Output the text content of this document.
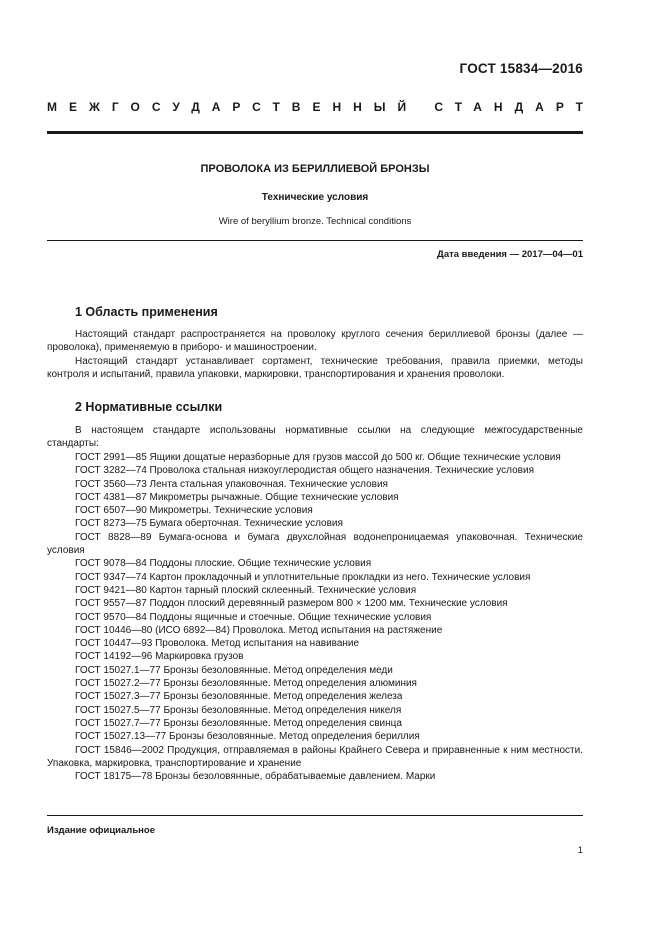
ГОСТ 15834—2016
МЕЖГОСУДАРСТВЕННЫЙ СТАНДАРТ
ПРОВОЛОКА ИЗ БЕРИЛЛИЕВОЙ БРОНЗЫ
Технические условия
Wire of beryllium bronze. Technical conditions
Дата введения — 2017—04—01
1 Область применения

Настоящий стандарт распространяется на проволоку круглого сечения бериллиевой бронзы (далее — проволока), применяемую в приборо- и машиностроении.

Настоящий стандарт устанавливает сортамент, технические требования, правила приемки, методы контроля и испытаний, правила упаковки, маркировки, транспортирования и хранения проволоки.

2 Нормативные ссылки

В настоящем стандарте использованы нормативные ссылки на следующие межгосударственные стандарты:

ГОСТ 2991—85 Ящики дощатые неразборные для грузов массой до 500 кг. Общие технические условия

ГОСТ 3282—74 Проволока стальная низкоуглеродистая общего назначения. Технические условия

ГОСТ 3560—73 Лента стальная упаковочная. Технические условия

ГОСТ 4381—87 Микрометры рычажные. Общие технические условия

ГОСТ 6507—90 Микрометры. Технические условия

ГОСТ 8273—75 Бумага оберточная. Технические условия

ГОСТ 8828—89 Бумага-основа и бумага двухслойная водонепроницаемая упаковочная. Технические условия

ГОСТ 9078—84 Поддоны плоские. Общие технические условия

ГОСТ 9347—74 Картон прокладочный и уплотнительные прокладки из него. Технические условия

ГОСТ 9421—80 Картон тарный плоский склеенный. Технические условия

ГОСТ 9557—87 Поддон плоский деревянный размером 800 × 1200 мм. Технические условия

ГОСТ 9570—84 Поддоны ящичные и стоечные. Общие технические условия

ГОСТ 10446—80 (ИСО 6892—84) Проволока. Метод испытания на растяжение

ГОСТ 10447—93 Проволока. Метод испытания на навивание

ГОСТ 14192—96 Маркировка грузов

ГОСТ 15027.1—77 Бронзы безоловянные. Метод определения меди

ГОСТ 15027.2—77 Бронзы безоловянные. Метод определения алюминия

ГОСТ 15027.3—77 Бронзы безоловянные. Метод определения железа

ГОСТ 15027.5—77 Бронзы безоловянные. Метод определения никеля

ГОСТ 15027.7—77 Бронзы безоловянные. Метод определения свинца

ГОСТ 15027.13—77 Бронзы безоловянные. Метод определения бериллия

ГОСТ 15846—2002 Продукция, отправляемая в районы Крайнего Севера и приравненные к ним местности. Упаковка, маркировка, транспортирование и хранение

ГОСТ 18175—78 Бронзы безоловянные, обрабатываемые давлением. Марки

Издание официальное
1
